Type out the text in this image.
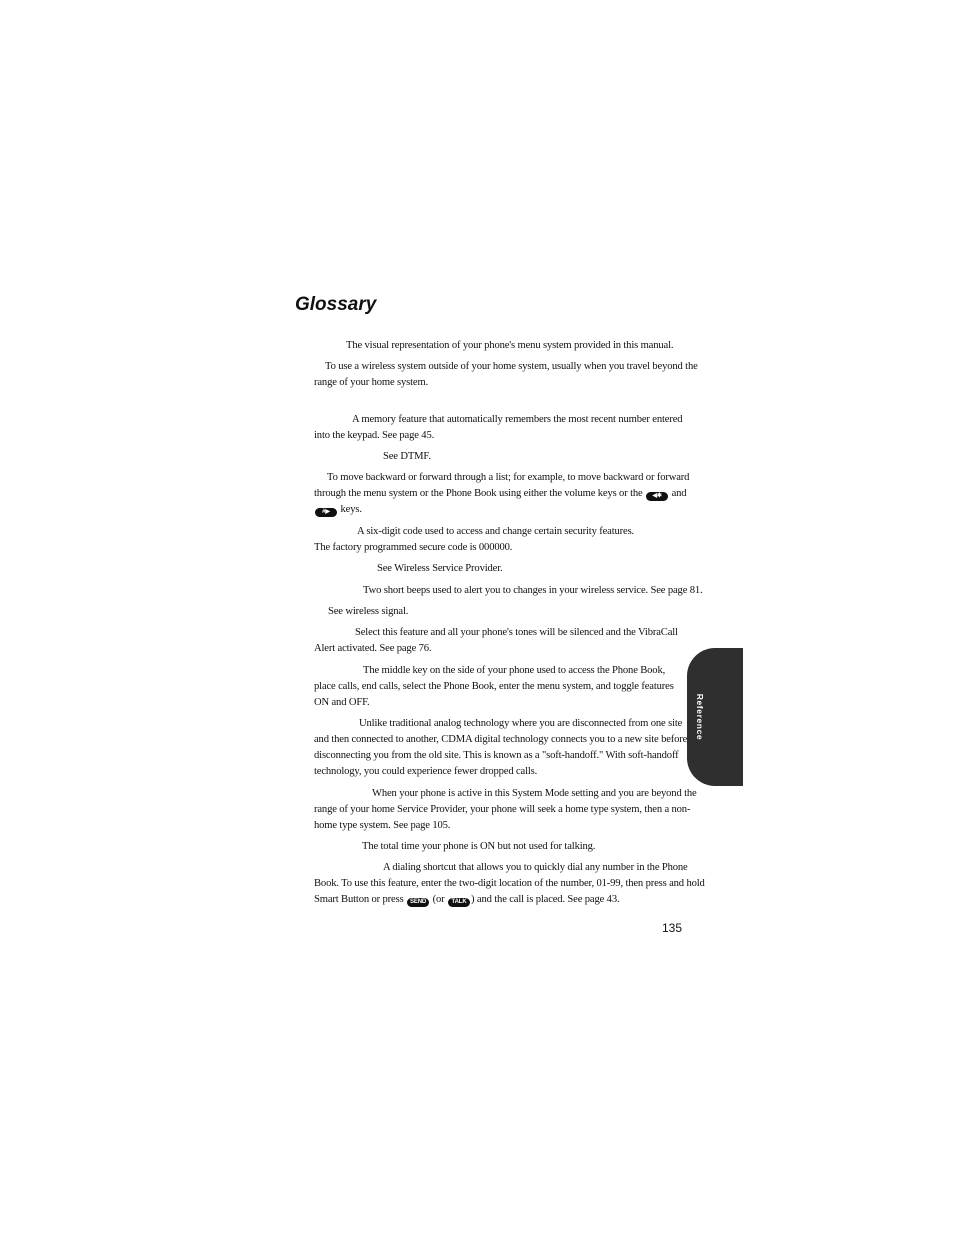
Glossary
The visual representation of your phone's menu system provided in this manual.
To use a wireless system outside of your home system, usually when you travel beyond the
range of your home system.
A memory feature that automatically remembers the most recent number entered
into the keypad. See page 45.
See DTMF.
To move backward or forward through a list; for example, to move backward or forward
through the menu system or the Phone Book using either the volume keys or the ◀✱ and
#▶ keys.
A six-digit code used to access and change certain security features.
The factory programmed secure code is 000000.
See Wireless Service Provider.
Two short beeps used to alert you to changes in your wireless service. See page 81.
See wireless signal.
Select this feature and all your phone's tones will be silenced and the VibraCall
Alert activated. See page 76.
The middle key on the side of your phone used to access the Phone Book,
place calls, end calls, select the Phone Book, enter the menu system, and toggle features
ON and OFF.
Unlike traditional analog technology where you are disconnected from one site
and then connected to another, CDMA digital technology connects you to a new site before
disconnecting you from the old site. This is known as a "soft-handoff." With soft-handoff
technology, you could experience fewer dropped calls.
When your phone is active in this System Mode setting and you are beyond the
range of your home Service Provider, your phone will seek a home type system, then a non-
home type system. See page 105.
The total time your phone is ON but not used for talking.
A dialing shortcut that allows you to quickly dial any number in the Phone
Book. To use this feature, enter the two-digit location of the number, 01-99, then press and hold
Smart Button or press SEND (or TALK ) and the call is placed. See page 43.
135
Reference
